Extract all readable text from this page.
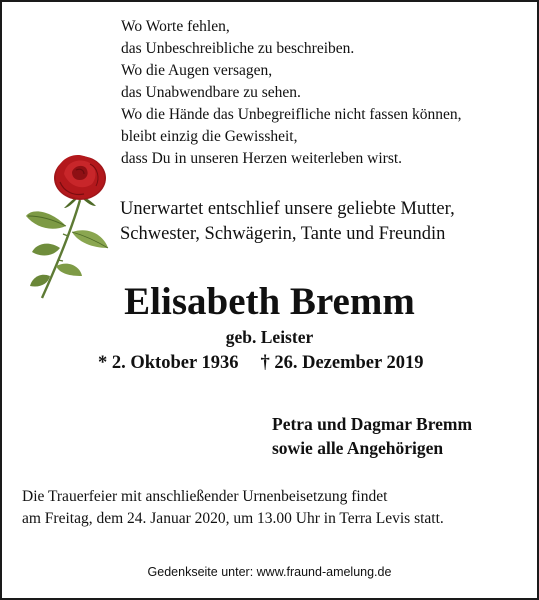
Wo Worte fehlen,
das Unbeschreibliche zu beschreiben.
Wo die Augen versagen,
das Unabwendbare zu sehen.
Wo die Hände das Unbegreifliche nicht fassen können,
bleibt einzig die Gewissheit,
dass Du in unseren Herzen weiterleben wirst.
Unerwartet entschlief unsere geliebte Mutter,
Schwester, Schwägerin, Tante und Freundin
Elisabeth Bremm
geb. Leister
* 2. Oktober 1936 † 26. Dezember 2019
Petra und Dagmar Bremm
sowie alle Angehörigen
Die Trauerfeier mit anschließender Urnenbeisetzung findet
am Freitag, dem 24. Januar 2020, um 13.00 Uhr in Terra Levis statt.
Gedenkseite unter: www.fraund-amelung.de
